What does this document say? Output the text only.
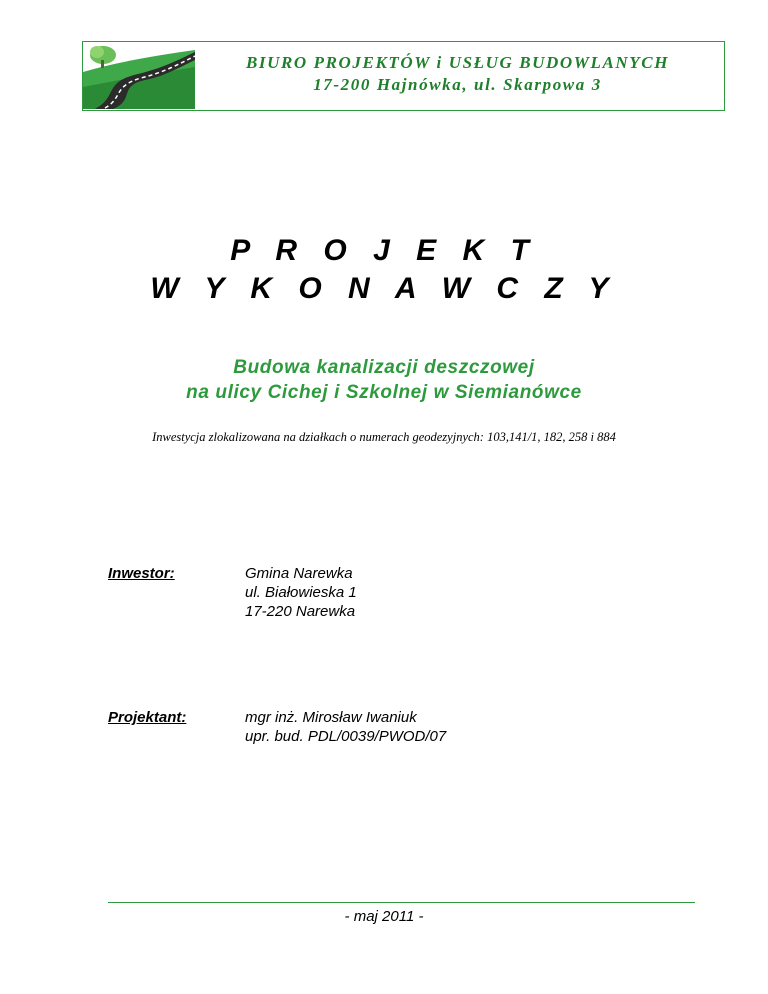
BIURO PROJEKTÓW i USŁUG BUDOWLANYCH
17-200 Hajnówka, ul. Skarpowa 3
P R O J E K T
W Y K O N A W C Z Y
Budowa kanalizacji deszczowej
na ulicy Cichej i Szkolnej w Siemianówce
Inwestycja zlokalizowana na działkach o numerach geodezyjnych: 103,141/1, 182, 258 i 884
Inwestor:	Gmina Narewka
ul. Białowieska 1
17-220 Narewka
Projektant:	mgr inż. Mirosław Iwaniuk
upr. bud. PDL/0039/PWOD/07
- maj 2011 -
